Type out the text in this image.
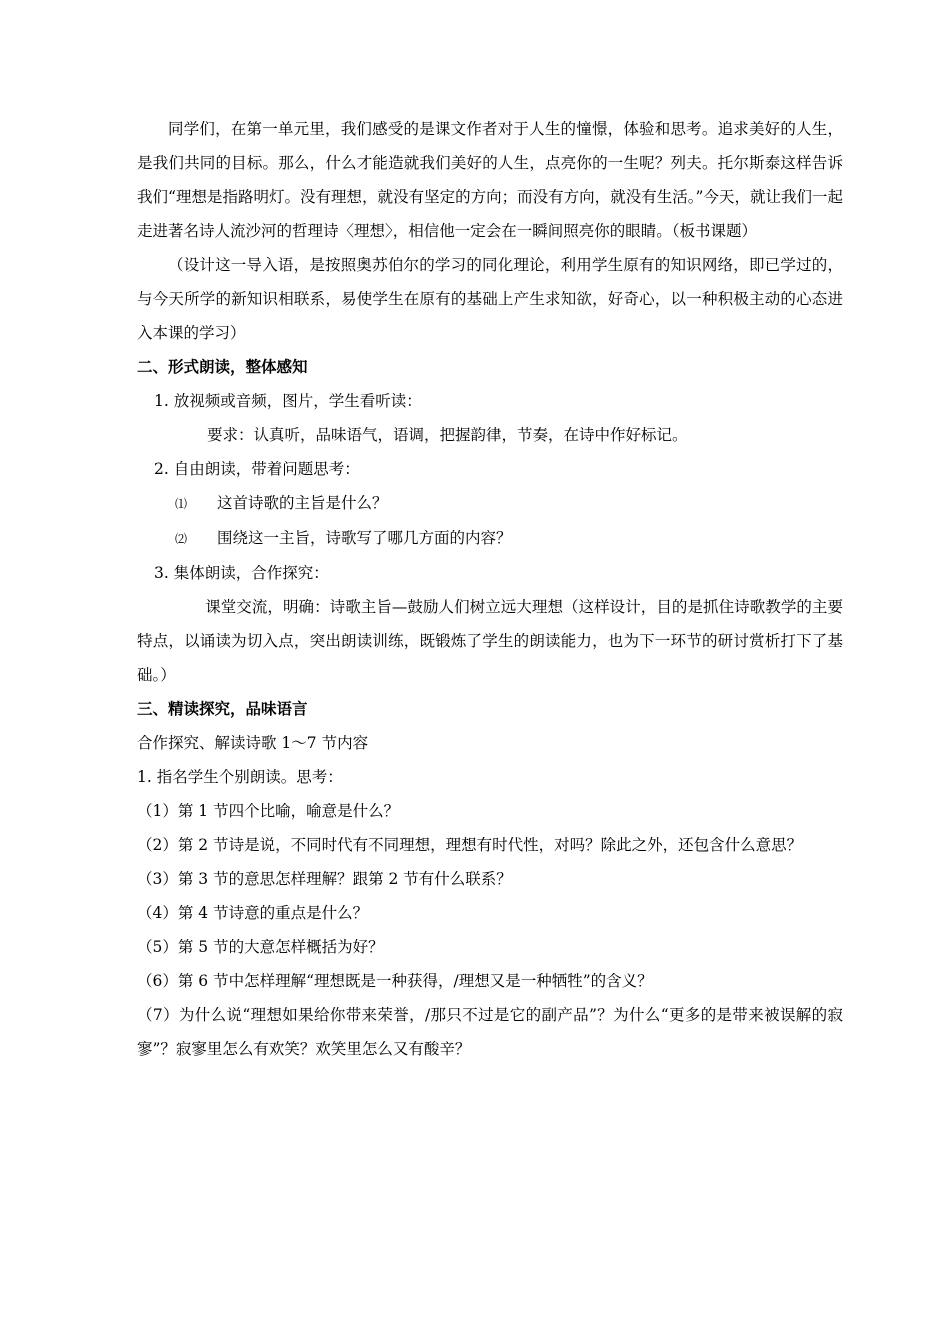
同学们，在第一单元里，我们感受的是课文作者对于人生的憧憬，体验和思考。追求美好的人生，是我们共同的目标。那么，什么才能造就我们美好的人生，点亮你的一生呢？列夫。托尔斯泰这样告诉我们“理想是指路明灯。没有理想，就没有坚定的方向；而没有方向，就没有生活。”今天，就让我们一起走进著名诗人流沙河的哲理诗〈理想〉，相信他一定会在一瞬间照亮你的眼睛。（板书课题）

（设计这一导入语，是按照奥苏伯尔的学习的同化理论，利用学生原有的知识网络，即已学过的，与今天所学的新知识相联系，易使学生在原有的基础上产生求知欲，好奇心，以一种积极主动的心态进入本课的学习）

二、形式朗读，整体感知

1. 放视频或音频，图片，学生看听读：

要求：认真听，品味语气，语调，把握韵律，节奏，在诗中作好标记。

2. 自由朗读，带着问题思考：

⑴ 这首诗歌的主旨是什么？

⑵ 围绕这一主旨，诗歌写了哪几方面的内容？

3. 集体朗读，合作探究：

课堂交流，明确：诗歌主旨—鼓励人们树立远大理想（这样设计，目的是抓住诗歌教学的主要特点，以诵读为切入点，突出朗读训练，既锻炼了学生的朗读能力，也为下一环节的研讨赏析打下了基础。）

三、精读探究，品味语言

合作探究、解读诗歌 1～7 节内容

1. 指名学生个别朗读。思考：

（1）第 1 节四个比喻，喻意是什么？

（2）第 2 节诗是说，不同时代有不同理想，理想有时代性，对吗？除此之外，还包含什么意思？

（3）第 3 节的意思怎样理解？跟第 2 节有什么联系？

（4）第 4 节诗意的重点是什么？

（5）第 5 节的大意怎样概括为好？

（6）第 6 节中怎样理解“理想既是一种获得，/理想又是一种牺牲”的含义？

（7）为什么说“理想如果给你带来荣誉，/那只不过是它的副产品”？为什么“更多的是带来被误解的寂寥”？寂寥里怎么有欢笑？欢笑里怎么又有酸辛？
